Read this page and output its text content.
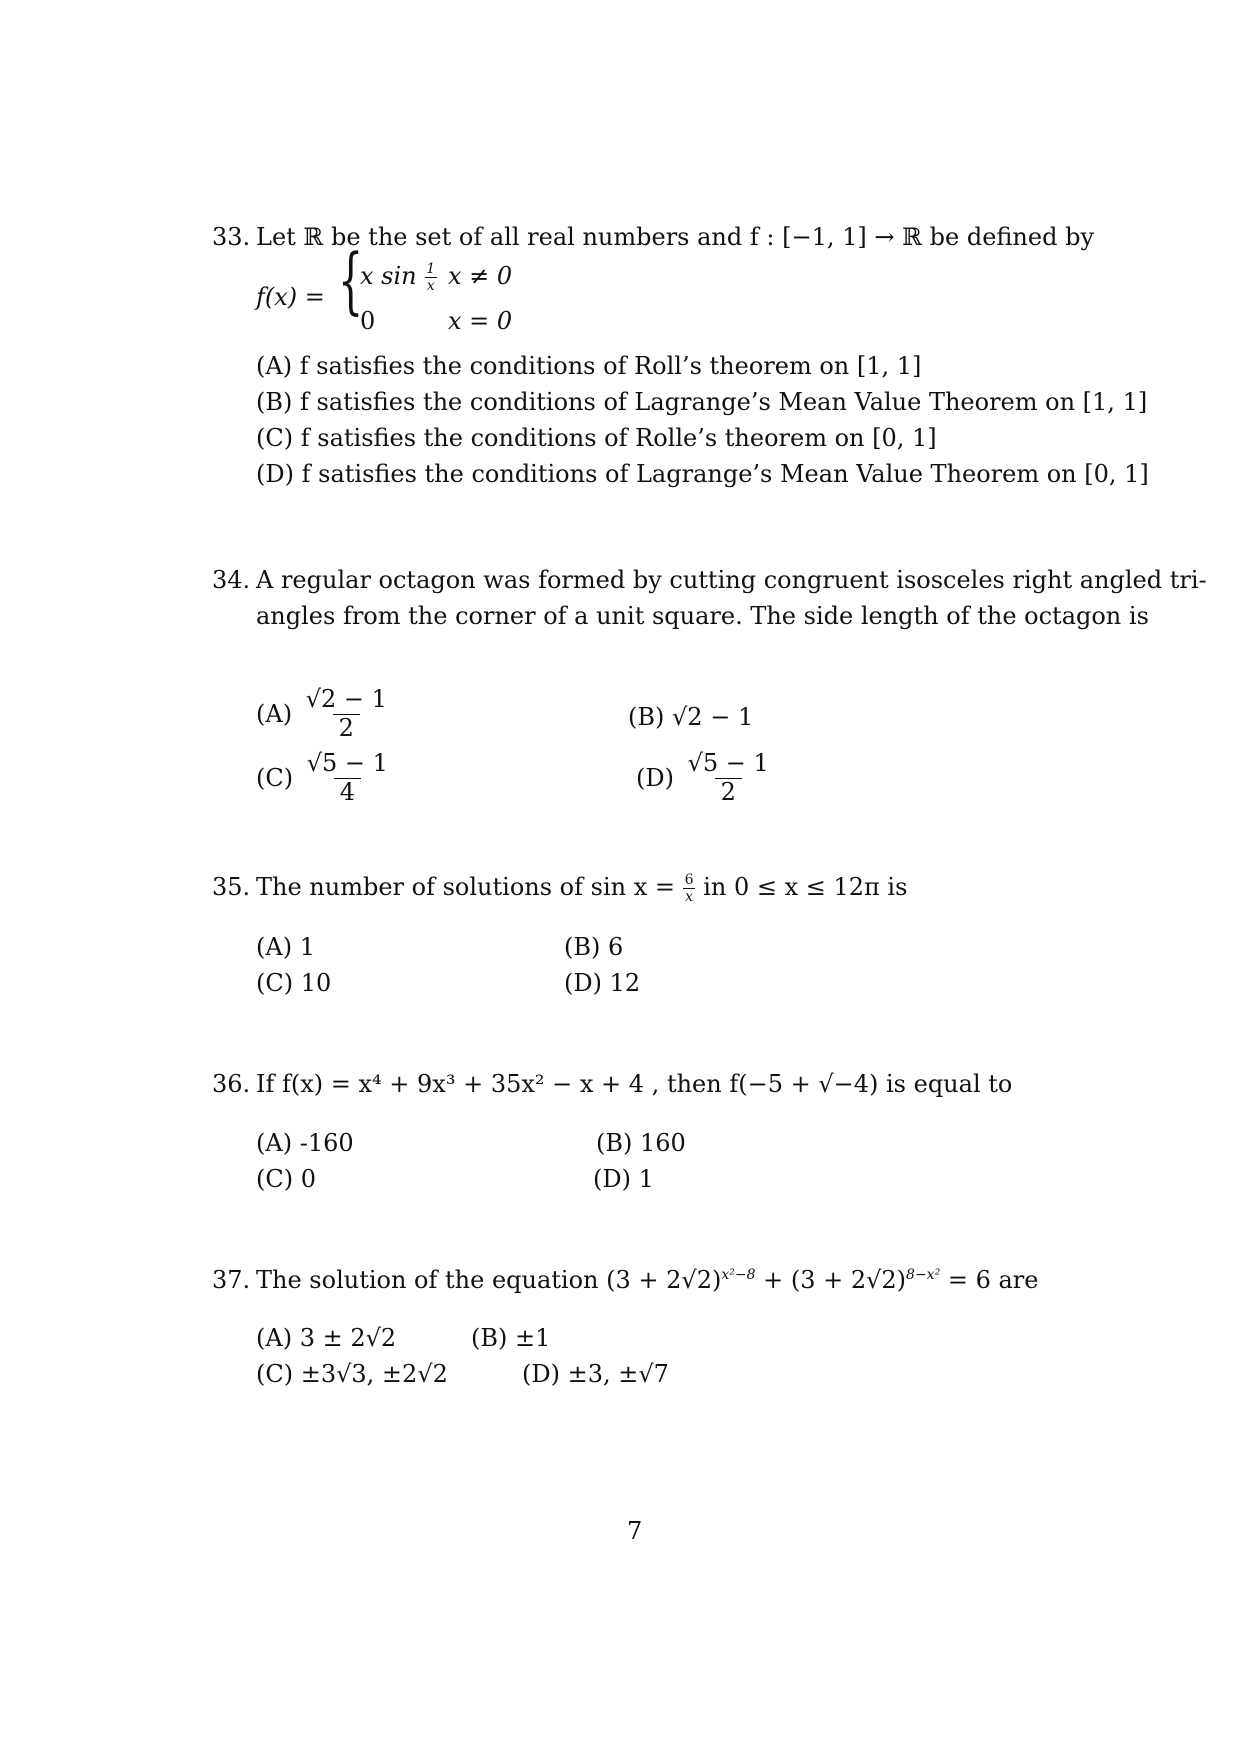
33. Let ℝ be the set of all real numbers and f : [−1, 1] → ℝ be defined by
f(x) = {
x $\sin \frac{1}{x}$ x ≠ 0
0	x = 0
(A) f satisfies the conditions of Roll’s theorem on [1, 1]
(B) f satisfies the conditions of Lagrange’s Mean Value Theorem on [1, 1]
(C) f satisfies the conditions of Rolle’s theorem on [0, 1]
(D) f satisfies the conditions of Lagrange’s Mean Value Theorem on [0, 1]
34. A regular octagon was formed by cutting congruent isosceles right angled tri-
angles from the corner of a unit square. The side length of the octagon is
$(A) \frac{√2 - 1}{2}$	(B) √2 − 1
$(C) \frac{√5 - 1}{4}$	$(D) \frac{√5 - 1}{2}$
35. The number of solutions of $\sin x = \frac{6}{x}$ in 0 ≤ x ≤ 12π is
(A) 1	(B) 6
(C) 10	(D) 12
36. If f(x) = x⁴ + 9x³ + 35x² − x + 4 , then f(−5 + √−4) is equal to
(A) -160	(B) 160
(C) 0	(D) 1
37. The solution of the equation $(3 + 2√2)^{x^2-8} + (3 + 2√2)^{8-x^2} = 6$ are
(A) 3 ± 2√2	(B) ±1
(C) ±3√3, ±2√2	(D) ±3, ±√7
7
